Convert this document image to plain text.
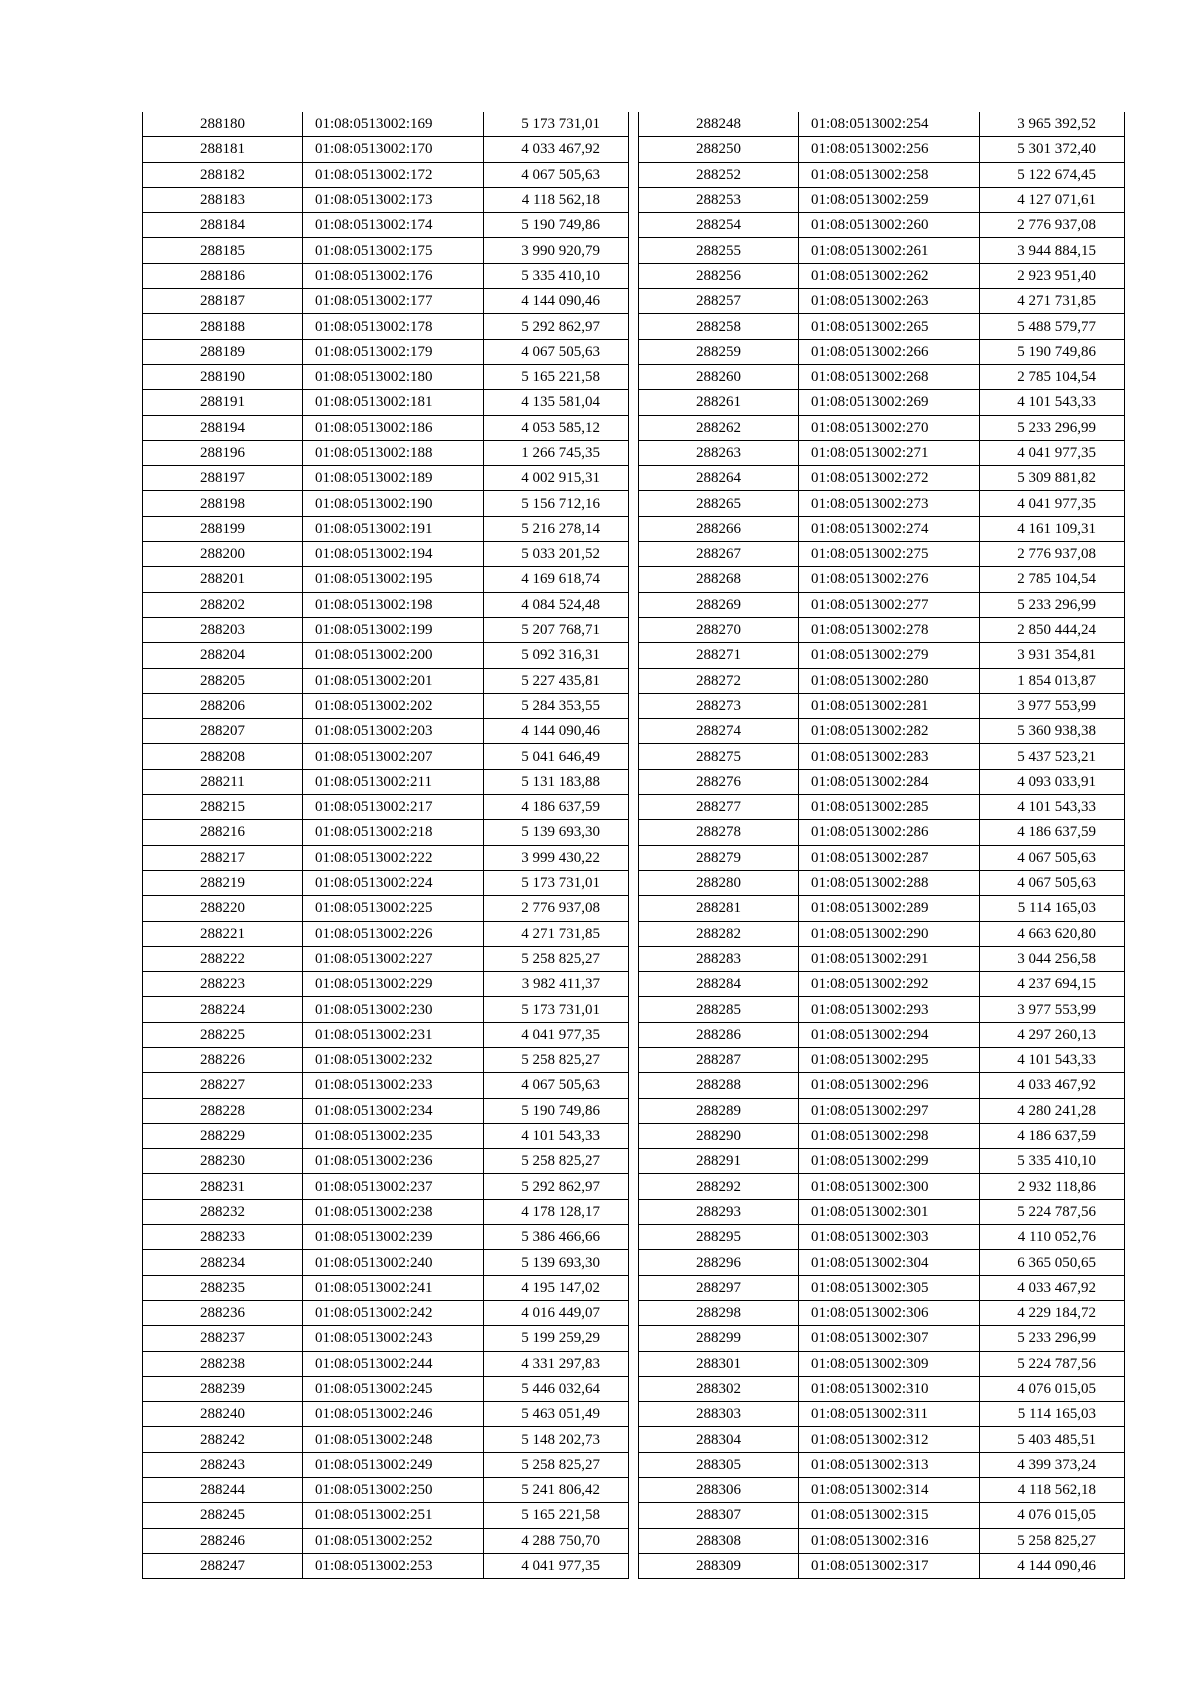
288180	01:08:0513002:169	5 173 731,01
288181	01:08:0513002:170	4 033 467,92
288182	01:08:0513002:172	4 067 505,63
288183	01:08:0513002:173	4 118 562,18
288184	01:08:0513002:174	5 190 749,86
288185	01:08:0513002:175	3 990 920,79
288186	01:08:0513002:176	5 335 410,10
288187	01:08:0513002:177	4 144 090,46
288188	01:08:0513002:178	5 292 862,97
288189	01:08:0513002:179	4 067 505,63
288190	01:08:0513002:180	5 165 221,58
288191	01:08:0513002:181	4 135 581,04
288194	01:08:0513002:186	4 053 585,12
288196	01:08:0513002:188	1 266 745,35
288197	01:08:0513002:189	4 002 915,31
288198	01:08:0513002:190	5 156 712,16
288199	01:08:0513002:191	5 216 278,14
288200	01:08:0513002:194	5 033 201,52
288201	01:08:0513002:195	4 169 618,74
288202	01:08:0513002:198	4 084 524,48
288203	01:08:0513002:199	5 207 768,71
288204	01:08:0513002:200	5 092 316,31
288205	01:08:0513002:201	5 227 435,81
288206	01:08:0513002:202	5 284 353,55
288207	01:08:0513002:203	4 144 090,46
288208	01:08:0513002:207	5 041 646,49
288211	01:08:0513002:211	5 131 183,88
288215	01:08:0513002:217	4 186 637,59
288216	01:08:0513002:218	5 139 693,30
288217	01:08:0513002:222	3 999 430,22
288219	01:08:0513002:224	5 173 731,01
288220	01:08:0513002:225	2 776 937,08
288221	01:08:0513002:226	4 271 731,85
288222	01:08:0513002:227	5 258 825,27
288223	01:08:0513002:229	3 982 411,37
288224	01:08:0513002:230	5 173 731,01
288225	01:08:0513002:231	4 041 977,35
288226	01:08:0513002:232	5 258 825,27
288227	01:08:0513002:233	4 067 505,63
288228	01:08:0513002:234	5 190 749,86
288229	01:08:0513002:235	4 101 543,33
288230	01:08:0513002:236	5 258 825,27
288231	01:08:0513002:237	5 292 862,97
288232	01:08:0513002:238	4 178 128,17
288233	01:08:0513002:239	5 386 466,66
288234	01:08:0513002:240	5 139 693,30
288235	01:08:0513002:241	4 195 147,02
288236	01:08:0513002:242	4 016 449,07
288237	01:08:0513002:243	5 199 259,29
288238	01:08:0513002:244	4 331 297,83
288239	01:08:0513002:245	5 446 032,64
288240	01:08:0513002:246	5 463 051,49
288242	01:08:0513002:248	5 148 202,73
288243	01:08:0513002:249	5 258 825,27
288244	01:08:0513002:250	5 241 806,42
288245	01:08:0513002:251	5 165 221,58
288246	01:08:0513002:252	4 288 750,70
288247	01:08:0513002:253	4 041 977,35
288248	01:08:0513002:254	3 965 392,52
288250	01:08:0513002:256	5 301 372,40
288252	01:08:0513002:258	5 122 674,45
288253	01:08:0513002:259	4 127 071,61
288254	01:08:0513002:260	2 776 937,08
288255	01:08:0513002:261	3 944 884,15
288256	01:08:0513002:262	2 923 951,40
288257	01:08:0513002:263	4 271 731,85
288258	01:08:0513002:265	5 488 579,77
288259	01:08:0513002:266	5 190 749,86
288260	01:08:0513002:268	2 785 104,54
288261	01:08:0513002:269	4 101 543,33
288262	01:08:0513002:270	5 233 296,99
288263	01:08:0513002:271	4 041 977,35
288264	01:08:0513002:272	5 309 881,82
288265	01:08:0513002:273	4 041 977,35
288266	01:08:0513002:274	4 161 109,31
288267	01:08:0513002:275	2 776 937,08
288268	01:08:0513002:276	2 785 104,54
288269	01:08:0513002:277	5 233 296,99
288270	01:08:0513002:278	2 850 444,24
288271	01:08:0513002:279	3 931 354,81
288272	01:08:0513002:280	1 854 013,87
288273	01:08:0513002:281	3 977 553,99
288274	01:08:0513002:282	5 360 938,38
288275	01:08:0513002:283	5 437 523,21
288276	01:08:0513002:284	4 093 033,91
288277	01:08:0513002:285	4 101 543,33
288278	01:08:0513002:286	4 186 637,59
288279	01:08:0513002:287	4 067 505,63
288280	01:08:0513002:288	4 067 505,63
288281	01:08:0513002:289	5 114 165,03
288282	01:08:0513002:290	4 663 620,80
288283	01:08:0513002:291	3 044 256,58
288284	01:08:0513002:292	4 237 694,15
288285	01:08:0513002:293	3 977 553,99
288286	01:08:0513002:294	4 297 260,13
288287	01:08:0513002:295	4 101 543,33
288288	01:08:0513002:296	4 033 467,92
288289	01:08:0513002:297	4 280 241,28
288290	01:08:0513002:298	4 186 637,59
288291	01:08:0513002:299	5 335 410,10
288292	01:08:0513002:300	2 932 118,86
288293	01:08:0513002:301	5 224 787,56
288295	01:08:0513002:303	4 110 052,76
288296	01:08:0513002:304	6 365 050,65
288297	01:08:0513002:305	4 033 467,92
288298	01:08:0513002:306	4 229 184,72
288299	01:08:0513002:307	5 233 296,99
288301	01:08:0513002:309	5 224 787,56
288302	01:08:0513002:310	4 076 015,05
288303	01:08:0513002:311	5 114 165,03
288304	01:08:0513002:312	5 403 485,51
288305	01:08:0513002:313	4 399 373,24
288306	01:08:0513002:314	4 118 562,18
288307	01:08:0513002:315	4 076 015,05
288308	01:08:0513002:316	5 258 825,27
288309	01:08:0513002:317	4 144 090,46
